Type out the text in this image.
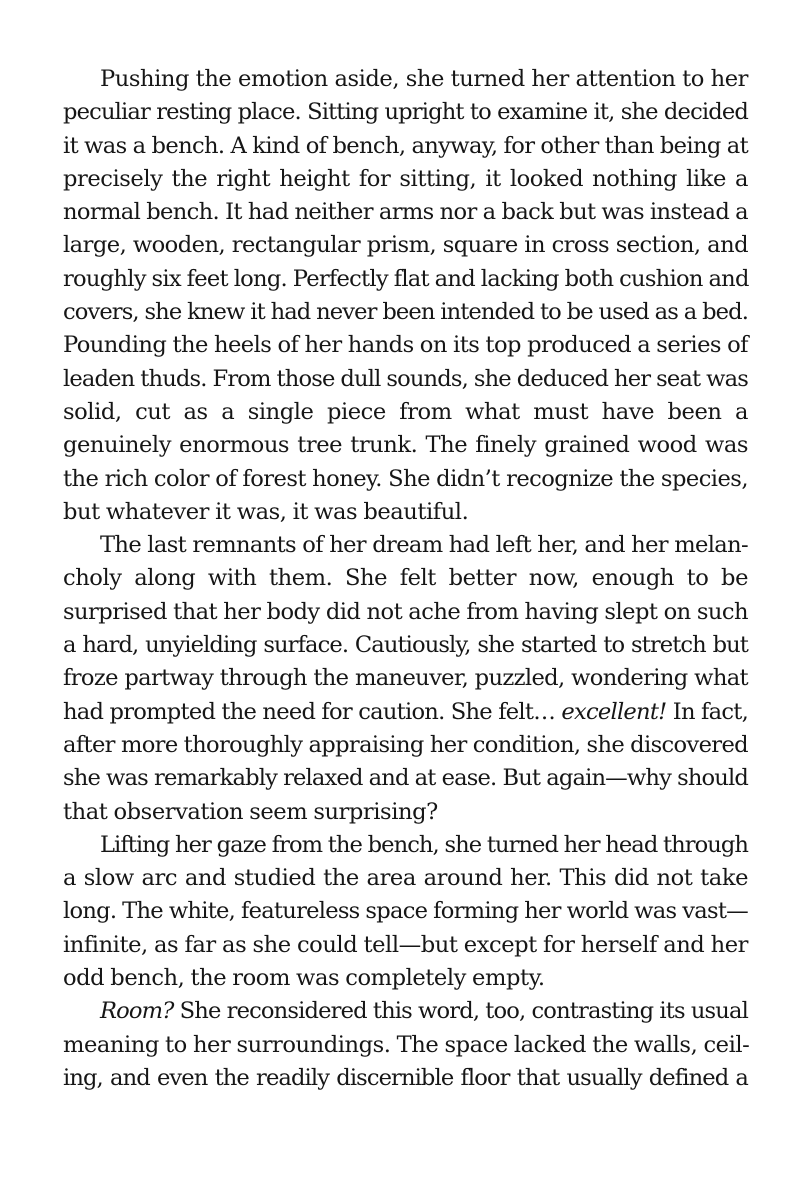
Pushing the emotion aside, she turned her attention to her
peculiar resting place. Sitting upright to examine it, she decided
it was a bench. A kind of bench, anyway, for other than being at
precisely the right height for sitting, it looked nothing like a
normal bench. It had neither arms nor a back but was instead a
large, wooden, rectangular prism, square in cross section, and
roughly six feet long. Perfectly flat and lacking both cushion and
covers, she knew it had never been intended to be used as a bed.
Pounding the heels of her hands on its top produced a series of
leaden thuds. From those dull sounds, she deduced her seat was
solid, cut as a single piece from what must have been a
genuinely enormous tree trunk. The finely grained wood was
the rich color of forest honey. She didn’t recognize the species,
but whatever it was, it was beautiful.
The last remnants of her dream had left her, and her melan-
choly along with them. She felt better now, enough to be
surprised that her body did not ache from having slept on such
a hard, unyielding surface. Cautiously, she started to stretch but
froze partway through the maneuver, puzzled, wondering what
had prompted the need for caution. She felt… excellent! In fact,
after more thoroughly appraising her condition, she discovered
she was remarkably relaxed and at ease. But again—why should
that observation seem surprising?
Lifting her gaze from the bench, she turned her head through
a slow arc and studied the area around her. This did not take
long. The white, featureless space forming her world was vast—
infinite, as far as she could tell—but except for herself and her
odd bench, the room was completely empty.
Room? She reconsidered this word, too, contrasting its usual
meaning to her surroundings. The space lacked the walls, ceil-
ing, and even the readily discernible floor that usually defined a
